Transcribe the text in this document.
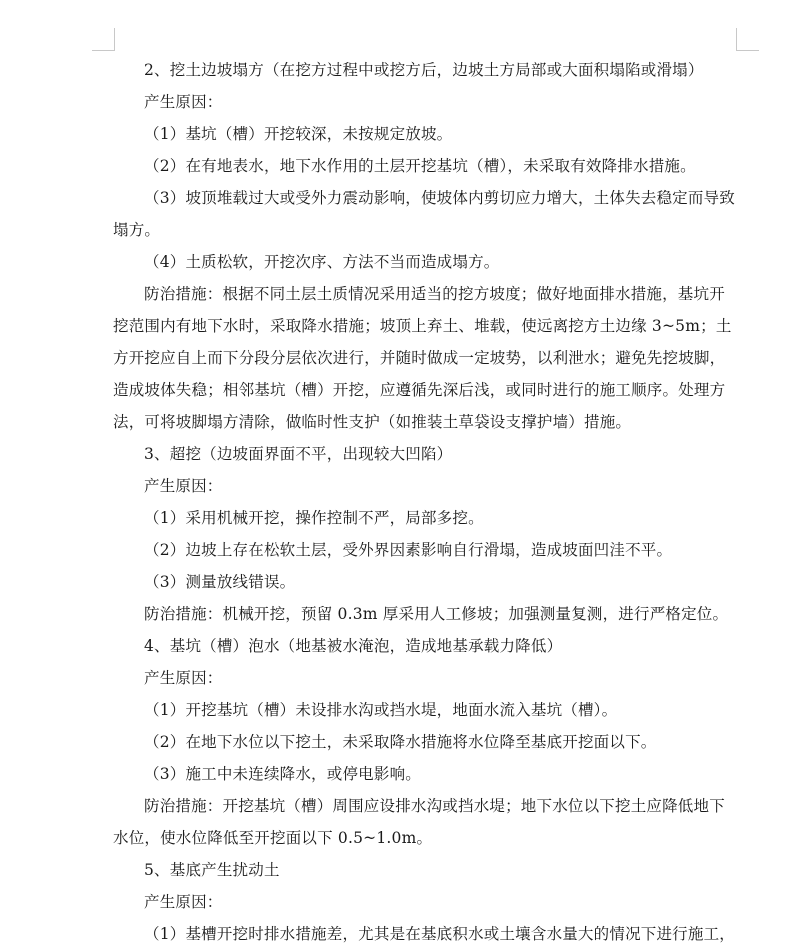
2、挖土边坡塌方（在挖方过程中或挖方后，边坡土方局部或大面积塌陷或滑塌）

产生原因：

（1）基坑（槽）开挖较深，未按规定放坡。

（2）在有地表水，地下水作用的土层开挖基坑（槽），未采取有效降排水措施。

（3）坡顶堆载过大或受外力震动影响，使坡体内剪切应力增大，土体失去稳定而导致塌方。

（4）土质松软，开挖次序、方法不当而造成塌方。

防治措施：根据不同土层土质情况采用适当的挖方坡度；做好地面排水措施，基坑开挖范围内有地下水时，采取降水措施；坡顶上弃土、堆载，使远离挖方土边缘 3~5m；土方开挖应自上而下分段分层依次进行，并随时做成一定坡势，以利泄水；避免先挖坡脚，造成坡体失稳；相邻基坑（槽）开挖，应遵循先深后浅，或同时进行的施工顺序。处理方法，可将坡脚塌方清除，做临时性支护（如推装土草袋设支撑护墙）措施。

3、超挖（边坡面界面不平，出现较大凹陷）

产生原因：

（1）采用机械开挖，操作控制不严，局部多挖。

（2）边坡上存在松软土层，受外界因素影响自行滑塌，造成坡面凹洼不平。

（3）测量放线错误。

防治措施：机械开挖，预留 0.3m 厚采用人工修坡；加强测量复测，进行严格定位。

4、基坑（槽）泡水（地基被水淹泡，造成地基承载力降低）

产生原因：

（1）开挖基坑（槽）未设排水沟或挡水堤，地面水流入基坑（槽）。

（2）在地下水位以下挖土，未采取降水措施将水位降至基底开挖面以下。

（3）施工中未连续降水，或停电影响。

防治措施：开挖基坑（槽）周围应设排水沟或挡水堤；地下水位以下挖土应降低地下水位，使水位降低至开挖面以下 0.5~1.0m。

5、基底产生扰动土

产生原因：

（1）基槽开挖时排水措施差，尤其是在基底积水或土壤含水量大的情况下进行施工，
